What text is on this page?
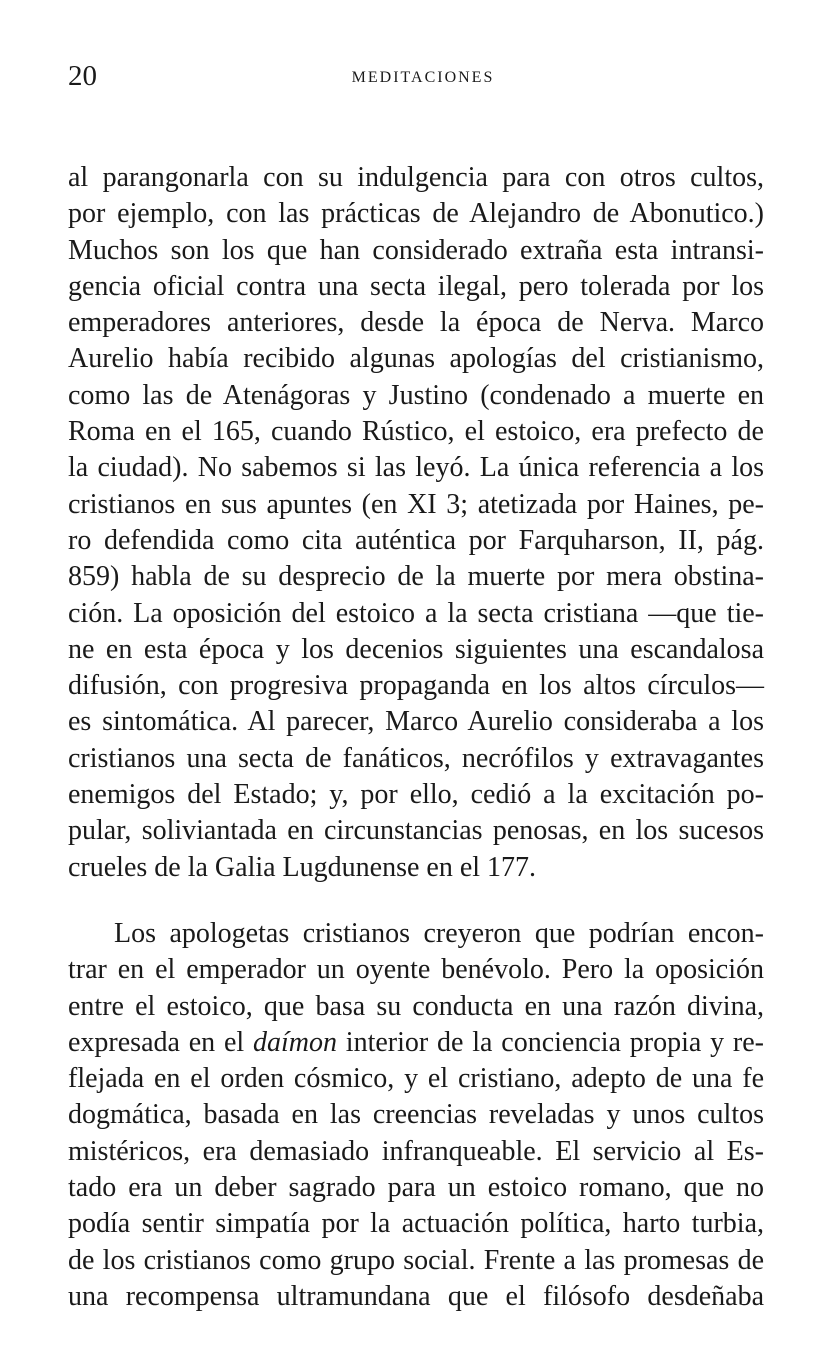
20	MEDITACIONES
al parangonarla con su indulgencia para con otros cultos,
por ejemplo, con las prácticas de Alejandro de Abonutico.)
Muchos son los que han considerado extraña esta intransi-
gencia oficial contra una secta ilegal, pero tolerada por los
emperadores anteriores, desde la época de Nerva. Marco
Aurelio había recibido algunas apologías del cristianismo,
como las de Atenágoras y Justino (condenado a muerte en
Roma en el 165, cuando Rústico, el estoico, era prefecto de
la ciudad). No sabemos si las leyó. La única referencia a los
cristianos en sus apuntes (en XI 3; atetizada por Haines, pe-
ro defendida como cita auténtica por Farquharson, II, pág.
859) habla de su desprecio de la muerte por mera obstina-
ción. La oposición del estoico a la secta cristiana —que tie-
ne en esta época y los decenios siguientes una escandalosa
difusión, con progresiva propaganda en los altos círculos—
es sintomática. Al parecer, Marco Aurelio consideraba a los
cristianos una secta de fanáticos, necrófilos y extravagantes
enemigos del Estado; y, por ello, cedió a la excitación po-
pular, soliviantada en circunstancias penosas, en los sucesos
crueles de la Galia Lugdunense en el 177.
Los apologetas cristianos creyeron que podrían encon-
trar en el emperador un oyente benévolo. Pero la oposición
entre el estoico, que basa su conducta en una razón divina,
expresada en el daímon interior de la conciencia propia y re-
flejada en el orden cósmico, y el cristiano, adepto de una fe
dogmática, basada en las creencias reveladas y unos cultos
mistéricos, era demasiado infranqueable. El servicio al Es-
tado era un deber sagrado para un estoico romano, que no
podía sentir simpatía por la actuación política, harto turbia,
de los cristianos como grupo social. Frente a las promesas de
una recompensa ultramundana que el filósofo desdeñaba
